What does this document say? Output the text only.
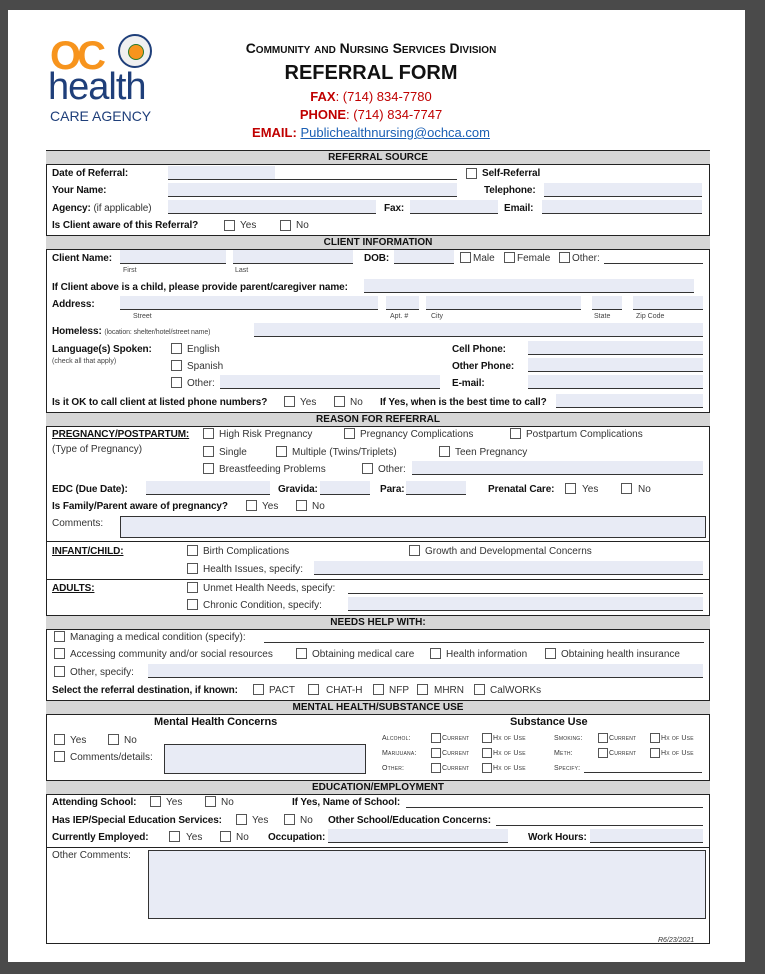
OC
health
CARE AGENCY
Community and Nursing Services Division
REFERRAL FORM
FAX: (714) 834-7780
PHONE: (714) 834-7747
EMAIL: Publichealthnursing@ochca.com
REFERRAL SOURCE
Date of Referral:	Self-Referral
Your Name:	Telephone:
Agency: (if applicable)	Fax:	Email:
Is Client aware of this Referral?	Yes	No
CLIENT INFORMATION
Client Name:
First	Last
DOB:	Male Female Other:
If Client above is a child, please provide parent/caregiver name:
Address:
Street	Apt. #	City	State	Zip Code
Homeless: (location: shelter/hotel/street name)
Language(s) Spoken:
(check all that apply)
English
Spanish
Other:
Cell Phone:
Other Phone:
E-mail:
Is it OK to call client at listed phone numbers?	Yes	No If Yes, when is the best time to call?
REASON FOR REFERRAL
PREGNANCY/POSTPARTUM:
(Type of Pregnancy)
High Risk Pregnancy	Pregnancy Complications	Postpartum Complications
Single	Multiple (Twins/Triplets)	Teen Pregnancy
Breastfeeding Problems	Other:
EDC (Due Date):	Gravida:	Para:	Prenatal Care:	Yes	No
Is Family/Parent aware of pregnancy?	Yes	No
Comments:
INFANT/CHILD:	Birth Complications	Growth and Developmental Concerns
Health Issues, specify:
ADULTS:	Unmet Health Needs, specify:
Chronic Condition, specify:
NEEDS HELP WITH:
Managing a medical condition (specify):
Accessing community and/or social resources	Obtaining medical care	Health information	Obtaining health insurance
Other, specify:
Select the referral destination, if known:	PACT	CHAT-H	NFP	MHRN	CalWORKs
MENTAL HEALTH/SUBSTANCE USE
Mental Health Concerns
Yes	No
Comments/details:
Substance Use
Alcohol:	Current	Hx of Use	Smoking:	Current	Hx of Use
Marijuana:	Current	Hx of Use	Meth:	Current	Hx of Use
Other:	Current	Hx of Use	Specify:
EDUCATION/EMPLOYMENT
Attending School:	Yes	No	If Yes, Name of School:
Has IEP/Special Education Services:	Yes	No Other School/Education Concerns:
Currently Employed:	Yes	No Occupation:	Work Hours:
Other Comments:
R6/23/2021
